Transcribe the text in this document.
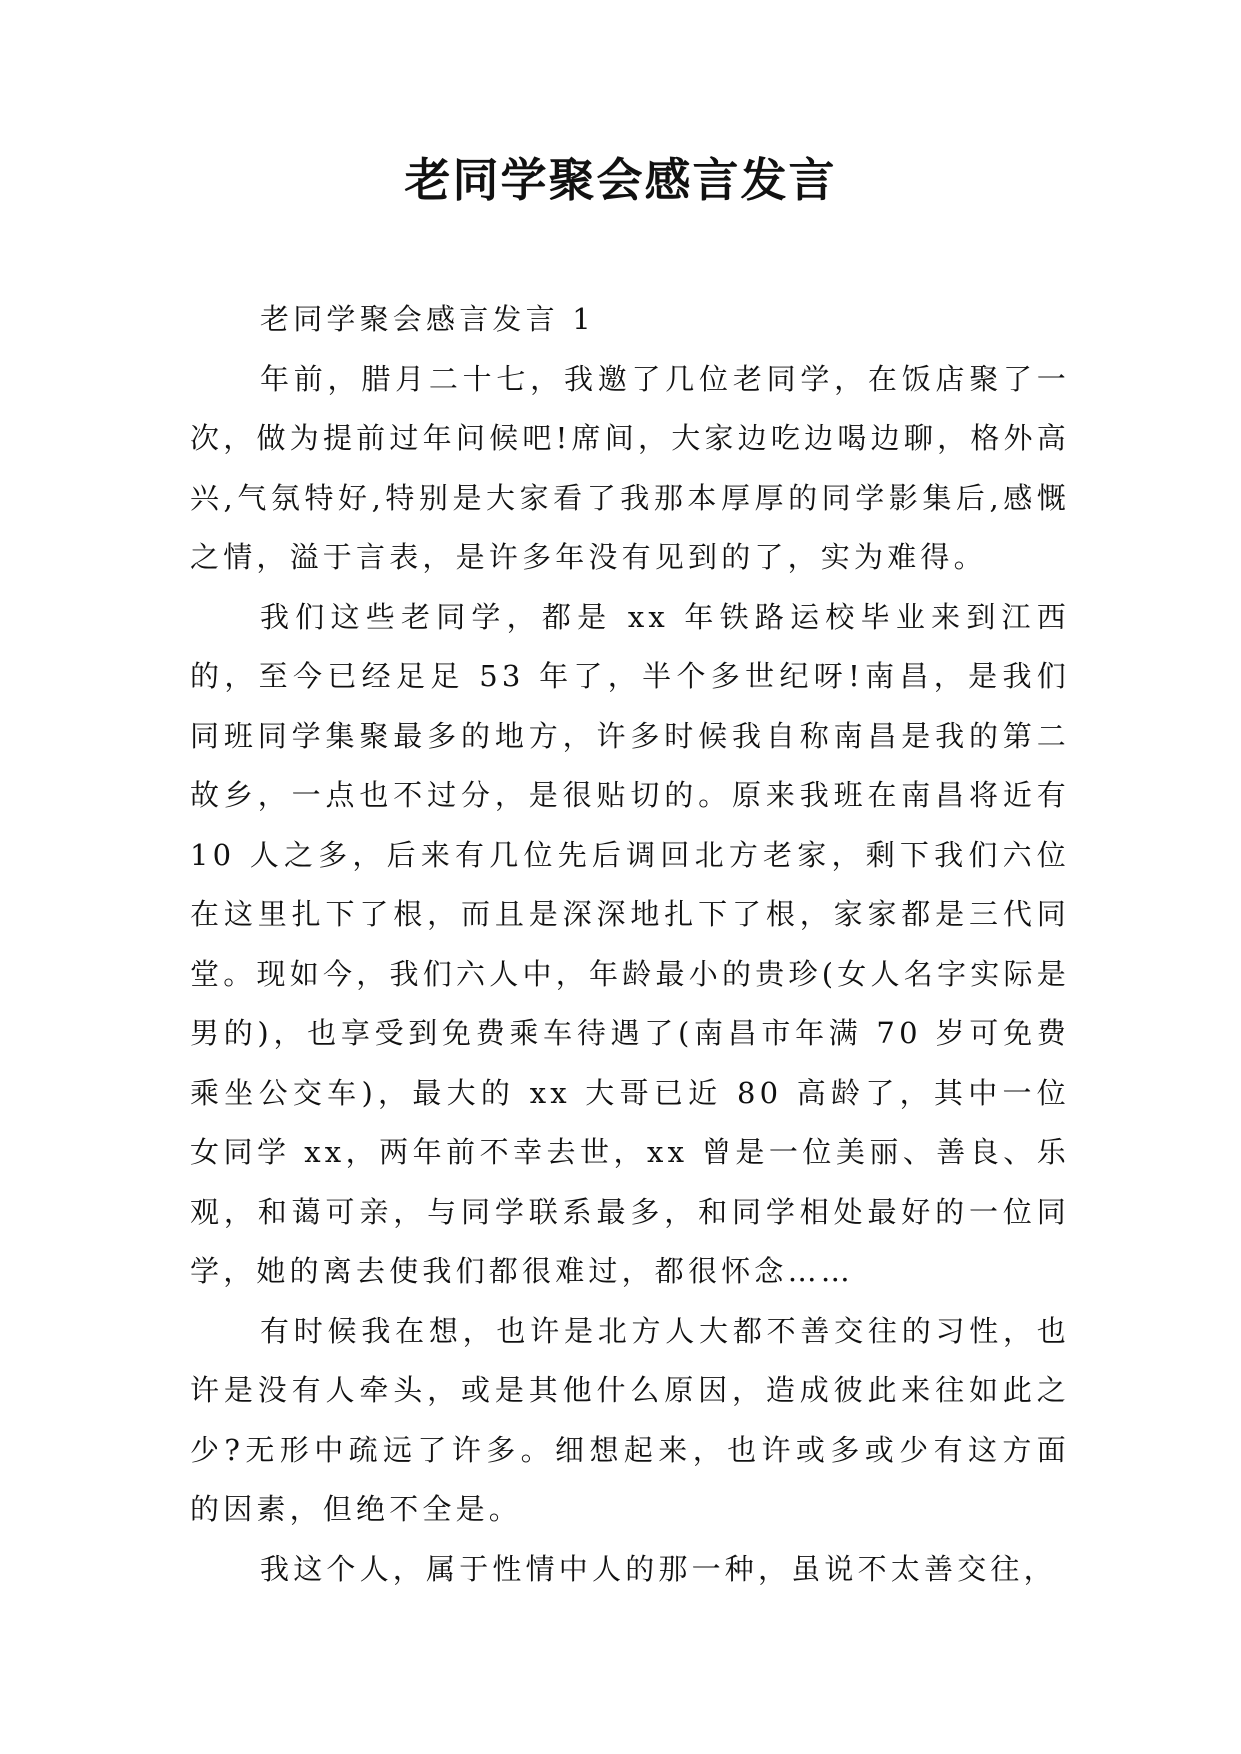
老同学聚会感言发言

老同学聚会感言发言 1

年前，腊月二十七，我邀了几位老同学，在饭店聚了一次，做为提前过年问候吧!席间，大家边吃边喝边聊，格外高兴,气氛特好,特别是大家看了我那本厚厚的同学影集后,感慨之情，溢于言表，是许多年没有见到的了，实为难得。

我们这些老同学，都是 xx 年铁路运校毕业来到江西的，至今已经足足 53 年了，半个多世纪呀!南昌，是我们同班同学集聚最多的地方，许多时候我自称南昌是我的第二故乡，一点也不过分，是很贴切的。原来我班在南昌将近有 10 人之多，后来有几位先后调回北方老家，剩下我们六位在这里扎下了根，而且是深深地扎下了根，家家都是三代同堂。现如今，我们六人中，年龄最小的贵珍(女人名字实际是男的)，也享受到免费乘车待遇了(南昌市年满 70 岁可免费乘坐公交车)，最大的 xx 大哥已近 80 高龄了，其中一位女同学 xx，两年前不幸去世，xx 曾是一位美丽、善良、乐观，和蔼可亲，与同学联系最多，和同学相处最好的一位同学，她的离去使我们都很难过，都很怀念……

有时候我在想，也许是北方人大都不善交往的习性，也许是没有人牵头，或是其他什么原因，造成彼此来往如此之少?无形中疏远了许多。细想起来，也许或多或少有这方面的因素，但绝不全是。

我这个人，属于性情中人的那一种，虽说不太善交往，
